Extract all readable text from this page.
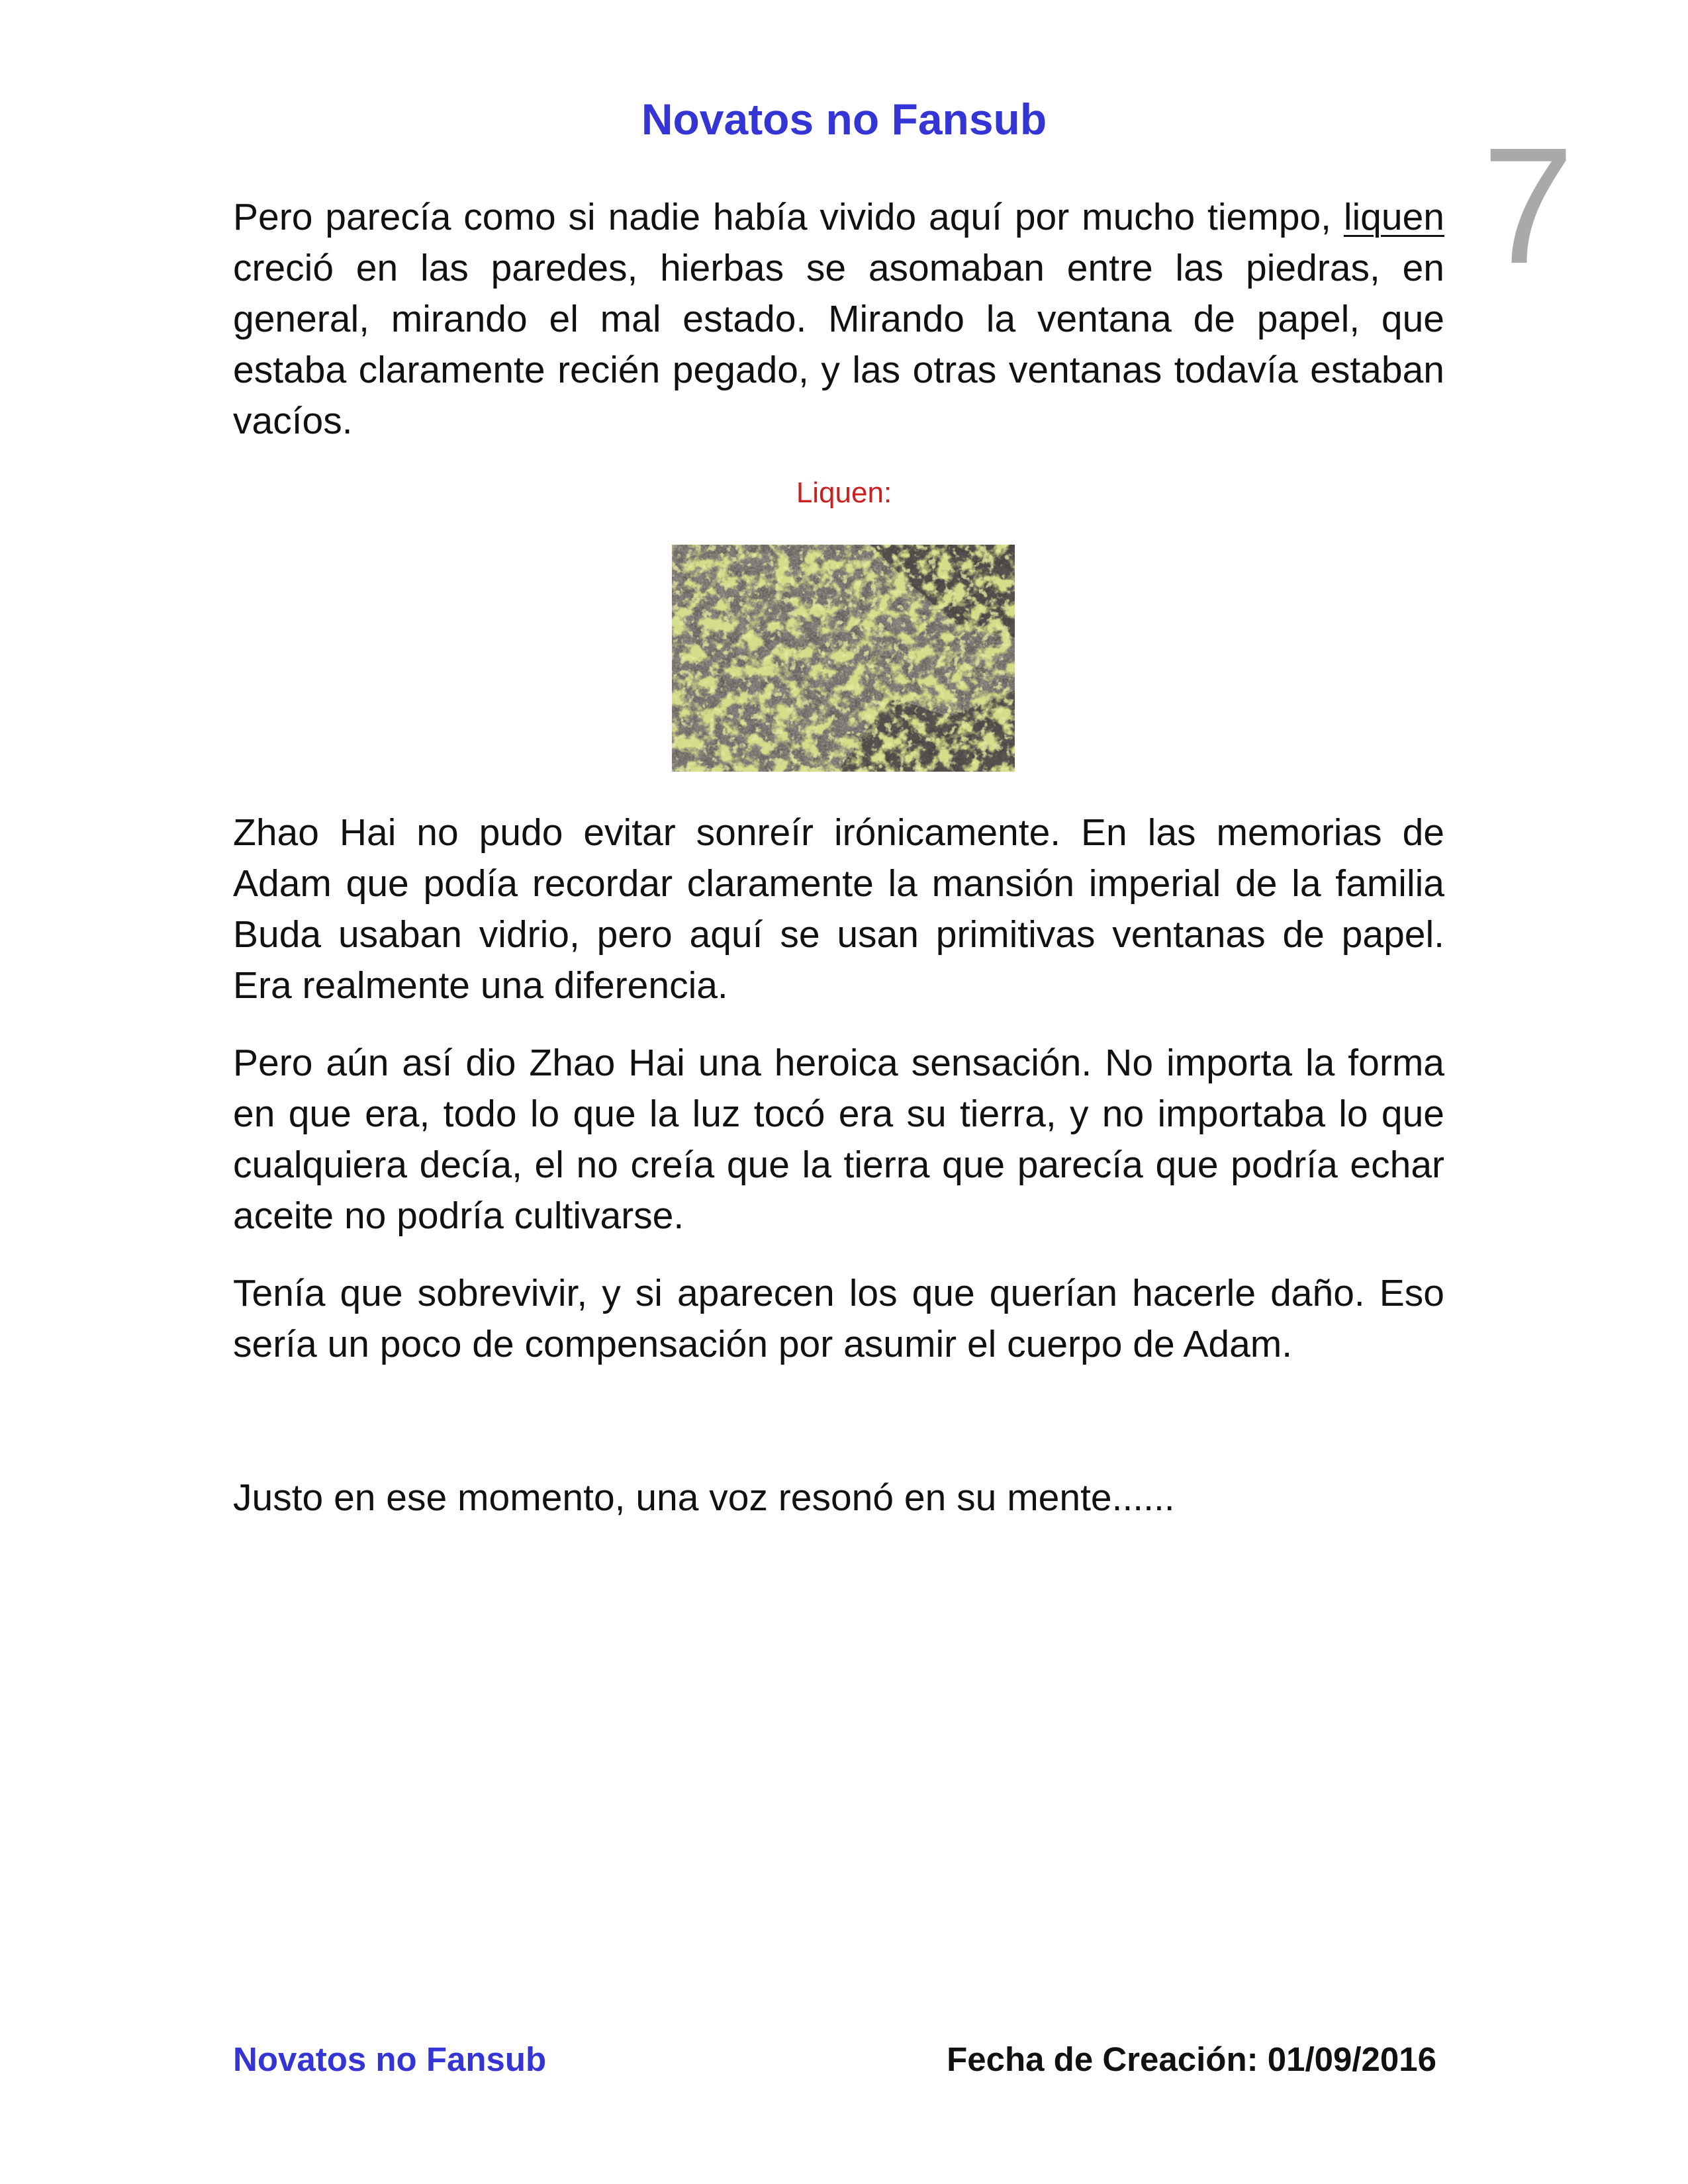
Novatos no Fansub	7

Pero parecía como si nadie había vivido aquí por mucho tiempo, liquen creció en las paredes, hierbas se asomaban entre las piedras, en general, mirando el mal estado. Mirando la ventana de papel, que estaba claramente recién pegado, y las otras ventanas todavía estaban vacíos.

Liquen:

Zhao Hai no pudo evitar sonreír irónicamente. En las memorias de Adam que podía recordar claramente la mansión imperial de la familia Buda usaban vidrio, pero aquí se usan primitivas ventanas de papel. Era realmente una diferencia.

Pero aún así dio Zhao Hai una heroica sensación. No importa la forma en que era, todo lo que la luz tocó era su tierra, y no importaba lo que cualquiera decía, el no creía que la tierra que parecía que podría echar aceite no podría cultivarse.

Tenía que sobrevivir, y si aparecen los que querían hacerle daño. Eso sería un poco de compensación por asumir el cuerpo de Adam.

Justo en ese momento, una voz resonó en su mente......

Novatos no Fansub	Fecha de Creación: 01/09/2016
